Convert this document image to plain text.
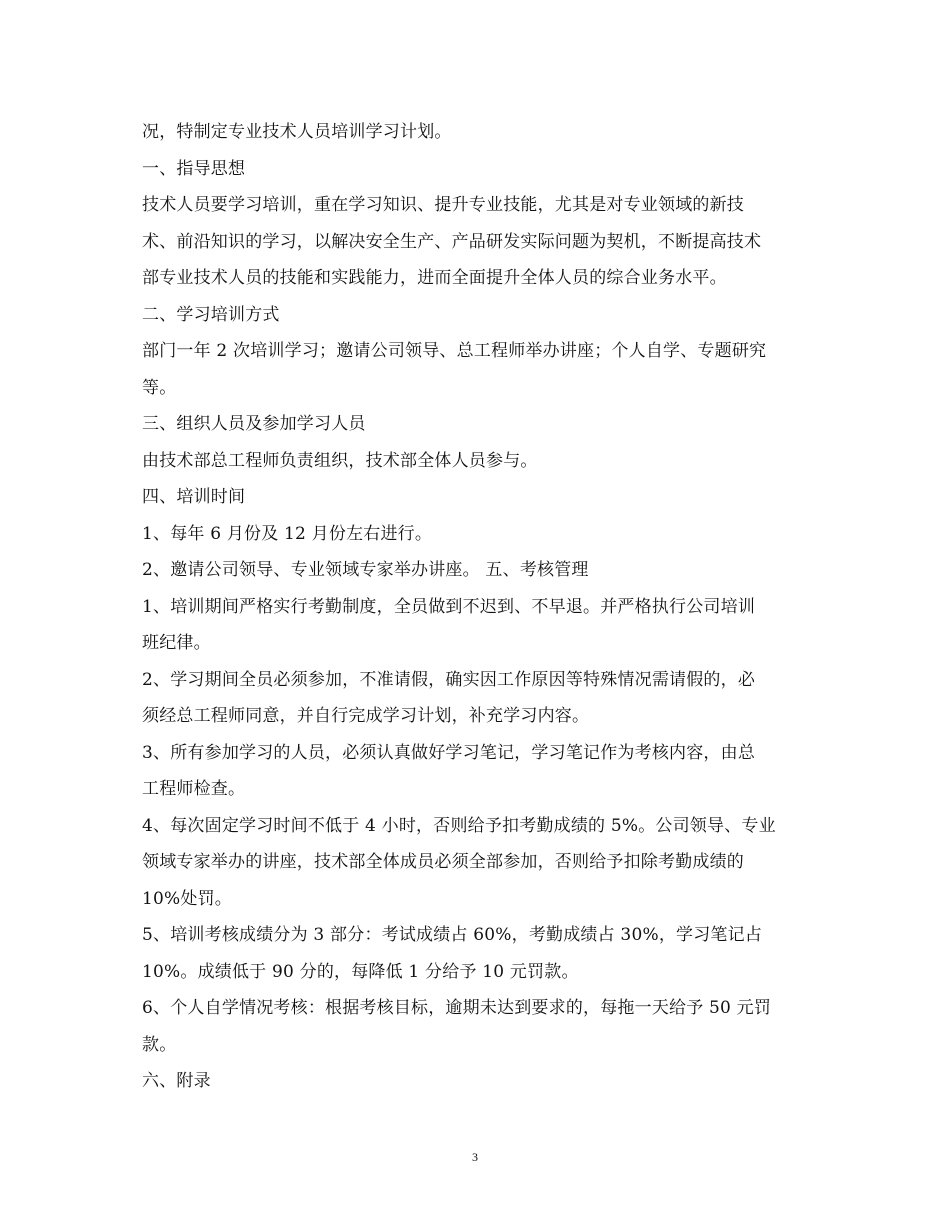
况，特制定专业技术人员培训学习计划。
一、指导思想
技术人员要学习培训，重在学习知识、提升专业技能，尤其是对专业领域的新技
术、前沿知识的学习，以解决安全生产、产品研发实际问题为契机，不断提高技术
部专业技术人员的技能和实践能力，进而全面提升全体人员的综合业务水平。
二、学习培训方式
部门一年 2 次培训学习；邀请公司领导、总工程师举办讲座；个人自学、专题研究
等。
三、组织人员及参加学习人员
由技术部总工程师负责组织，技术部全体人员参与。
四、培训时间
1、每年 6 月份及 12 月份左右进行。
2、邀请公司领导、专业领域专家举办讲座。 五、考核管理
1、培训期间严格实行考勤制度，全员做到不迟到、不早退。并严格执行公司培训
班纪律。
2、学习期间全员必须参加，不准请假，确实因工作原因等特殊情况需请假的，必
须经总工程师同意，并自行完成学习计划，补充学习内容。
3、所有参加学习的人员，必须认真做好学习笔记，学习笔记作为考核内容，由总
工程师检查。
4、每次固定学习时间不低于 4 小时，否则给予扣考勤成绩的 5%。公司领导、专业
领域专家举办的讲座，技术部全体成员必须全部参加，否则给予扣除考勤成绩的
10%处罚。
5、培训考核成绩分为 3 部分：考试成绩占 60%，考勤成绩占 30%，学习笔记占
10%。成绩低于 90 分的，每降低 1 分给予 10 元罚款。
6、个人自学情况考核：根据考核目标，逾期未达到要求的，每拖一天给予 50 元罚
款。
六、附录
3
